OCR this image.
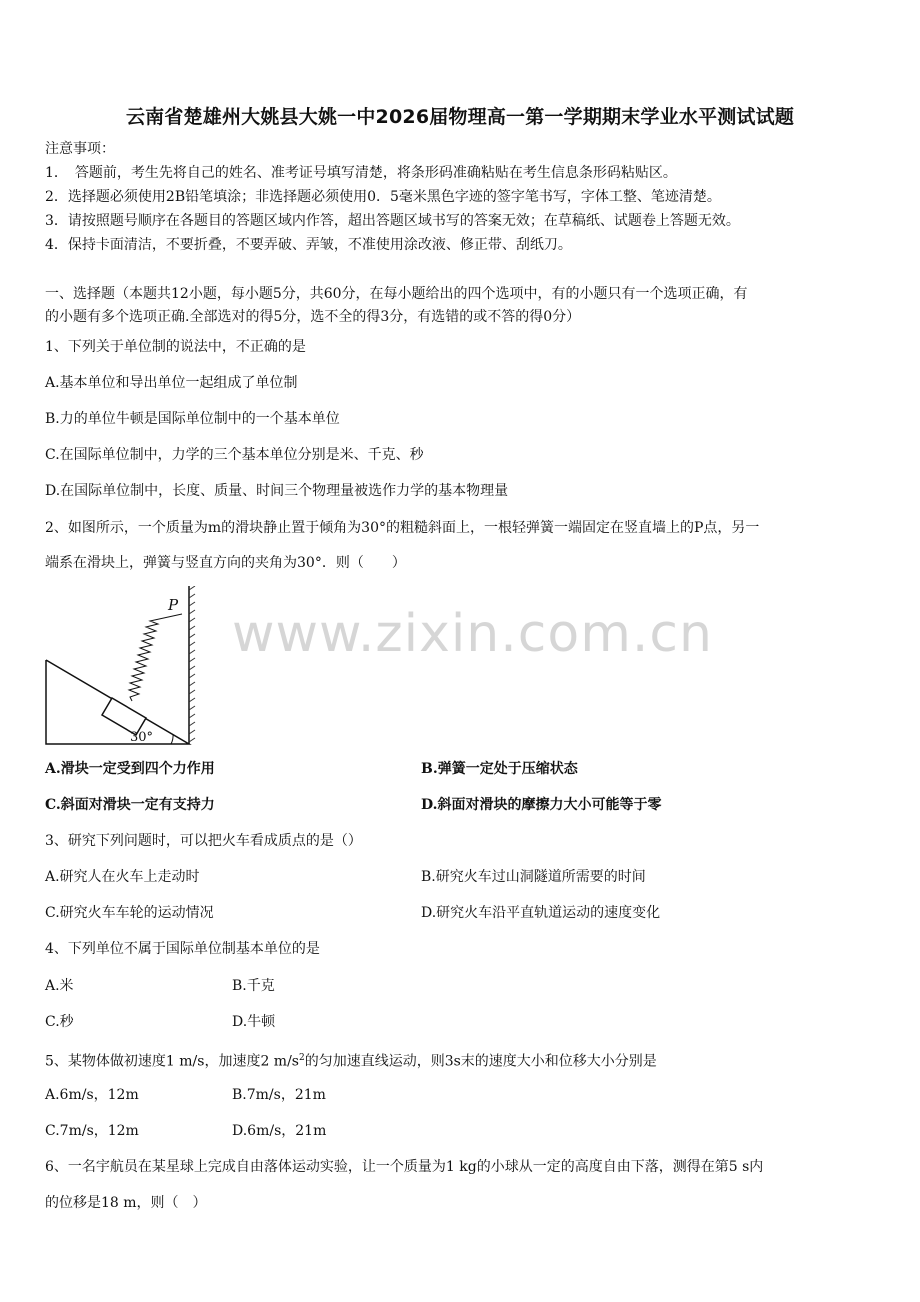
云南省楚雄州大姚县大姚一中2026届物理高一第一学期期末学业水平测试试题
注意事项：
1．　答题前，考生先将自己的姓名、准考证号填写清楚，将条形码准确粘贴在考生信息条形码粘贴区。
2．选择题必须使用2B铅笔填涂；非选择题必须使用0．5毫米黑色字迹的签字笔书写，字体工整、笔迹清楚。
3．请按照题号顺序在各题目的答题区域内作答，超出答题区域书写的答案无效；在草稿纸、试题卷上答题无效。
4．保持卡面清洁，不要折叠，不要弄破、弄皱，不准使用涂改液、修正带、刮纸刀。
一、选择题（本题共12小题，每小题5分，共60分，在每小题给出的四个选项中，有的小题只有一个选项正确，有
的小题有多个选项正确.全部选对的得5分，选不全的得3分，有选错的或不答的得0分）
1、下列关于单位制的说法中，不正确的是
A.基本单位和导出单位一起组成了单位制
B.力的单位牛顿是国际单位制中的一个基本单位
C.在国际单位制中，力学的三个基本单位分别是米、千克、秒
D.在国际单位制中，长度、质量、时间三个物理量被选作力学的基本物理量
2、如图所示，一个质量为m的滑块静止置于倾角为30°的粗糙斜面上，一根轻弹簧一端固定在竖直墙上的P点，另一
端系在滑块上，弹簧与竖直方向的夹角为30°．则（　　）
www.zixin.com.cn
P
30°
A.滑块一定受到四个力作用	B.弹簧一定处于压缩状态
C.斜面对滑块一定有支持力	D.斜面对滑块的摩擦力大小可能等于零
3、研究下列问题时，可以把火车看成质点的是（）
A.研究人在火车上走动时	B.研究火车过山洞隧道所需要的时间
C.研究火车车轮的运动情况	D.研究火车沿平直轨道运动的速度变化
4、下列单位不属于国际单位制基本单位的是
A.米	B.千克
C.秒	D.牛顿
5、某物体做初速度1 m/s，加速度2 $m/s^2$的匀加速直线运动，则3s末的速度大小和位移大小分别是
A.6m/s，12m	B.7m/s，21m
C.7m/s，12m	D.6m/s，21m
6、一名宇航员在某星球上完成自由落体运动实验，让一个质量为1 kg的小球从一定的高度自由下落，测得在第5 s内
的位移是18 m，则（　）
